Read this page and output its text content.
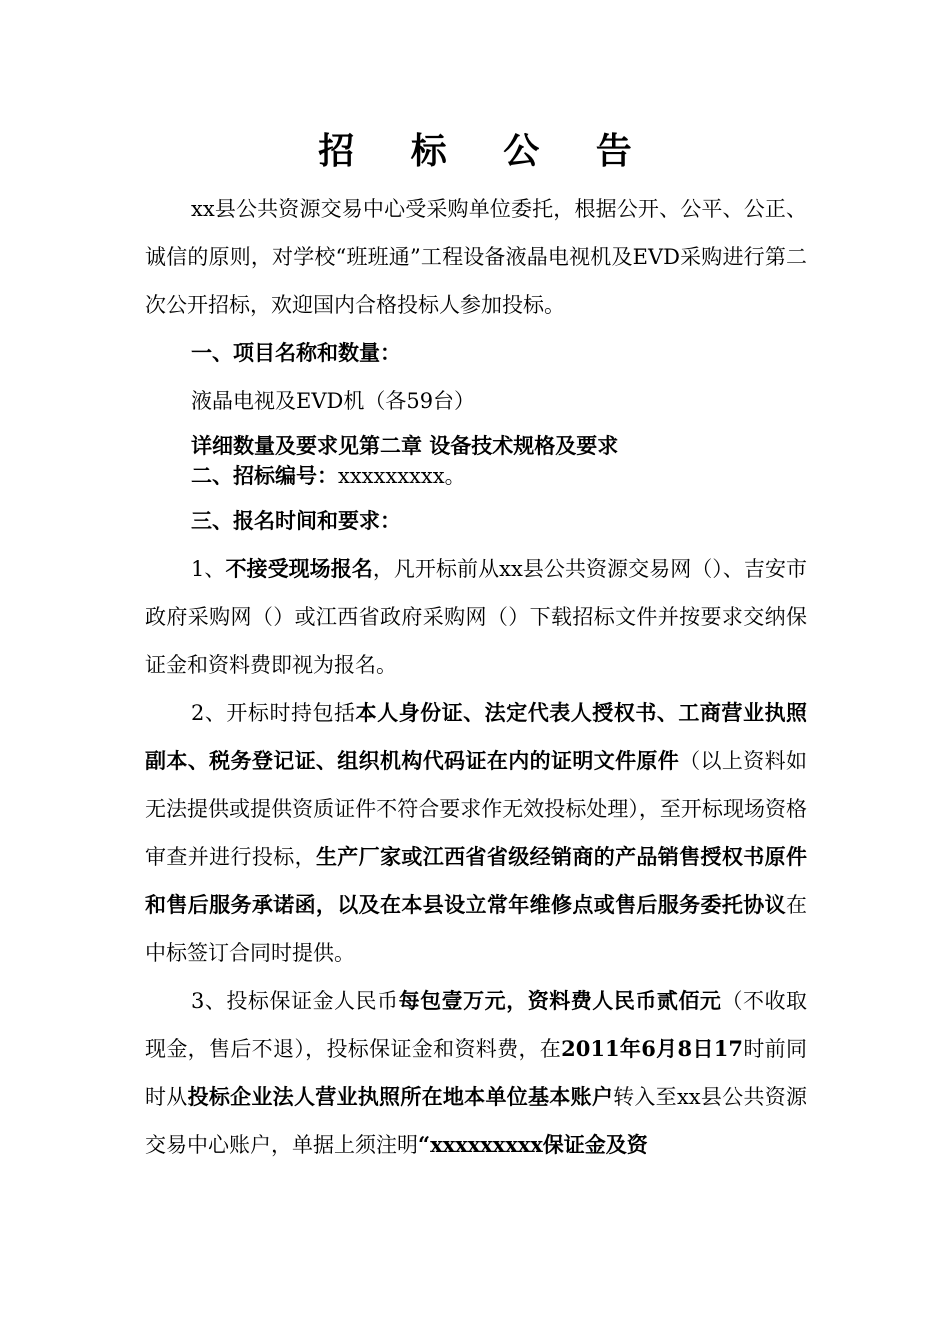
招 标 公 告

xx县公共资源交易中心受采购单位委托，根据公开、公平、公正、诚信的原则，对学校“班班通”工程设备液晶电视机及EVD采购进行第二次公开招标，欢迎国内合格投标人参加投标。

一、项目名称和数量：

液晶电视及EVD机（各59台）

详细数量及要求见第二章 设备技术规格及要求

二、招标编号：xxxxxxxxx。

三、报名时间和要求：

1、不接受现场报名，凡开标前从xx县公共资源交易网（）、吉安市政府采购网（）或江西省政府采购网（）下载招标文件并按要求交纳保证金和资料费即视为报名。

2、开标时持包括本人身份证、法定代表人授权书、工商营业执照副本、税务登记证、组织机构代码证在内的证明文件原件（以上资料如无法提供或提供资质证件不符合要求作无效投标处理），至开标现场资格审查并进行投标，生产厂家或江西省省级经销商的产品销售授权书原件和售后服务承诺函，以及在本县设立常年维修点或售后服务委托协议在中标签订合同时提供。

3、投标保证金人民币每包壹万元，资料费人民币贰佰元（不收取现金，售后不退），投标保证金和资料费，在2011年6月8日17时前同时从投标企业法人营业执照所在地本单位基本账户转入至xx县公共资源交易中心账户，单据上须注明“xxxxxxxxx保证金及资
